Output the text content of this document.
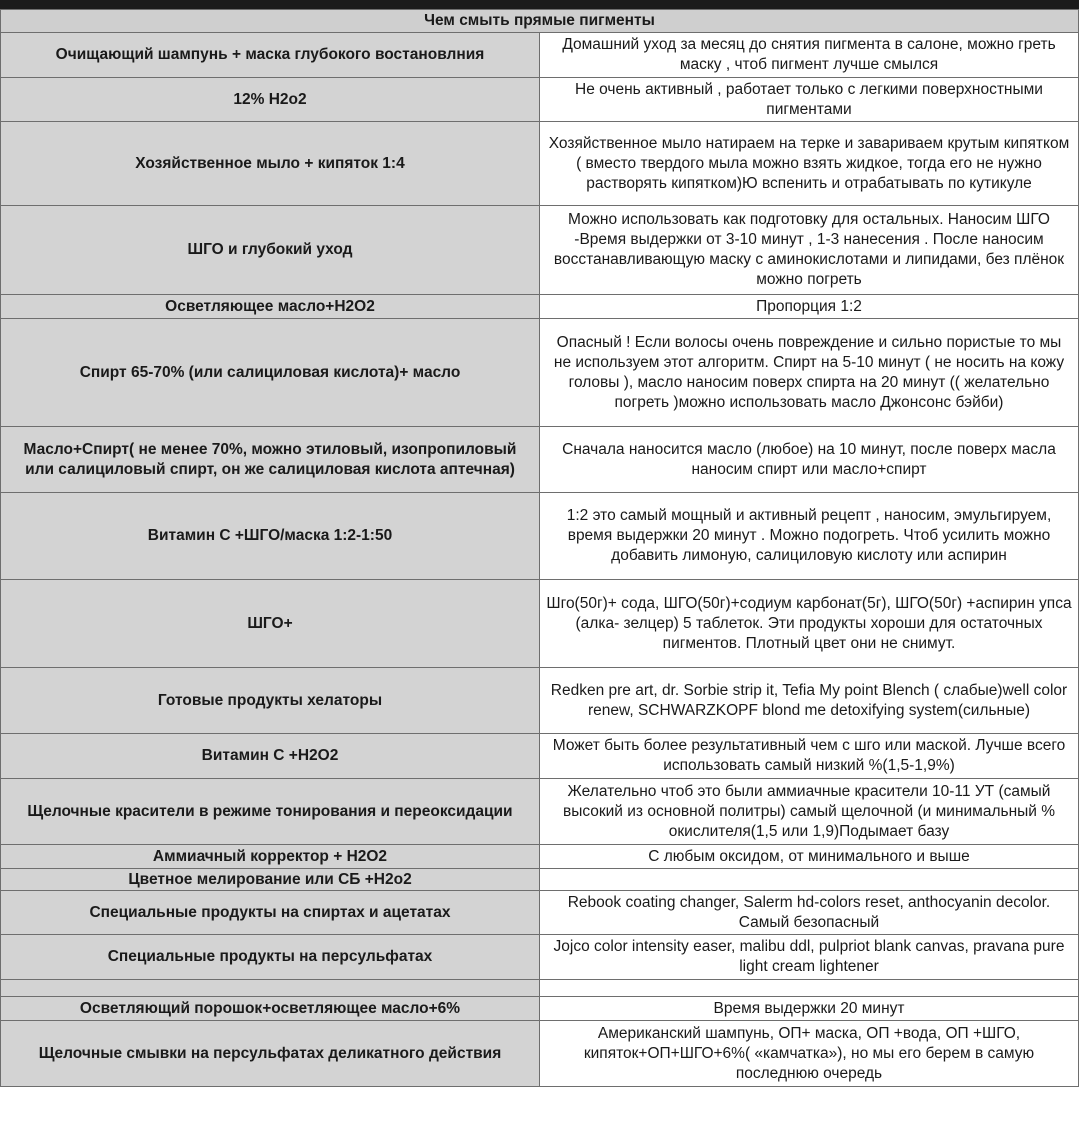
Чем смыть прямые пигменты	
Очищающий шампунь + маска глубокого востановлния	Домашний уход за месяц до снятия пигмента в салоне, можно греть маску , чтоб пигмент лучше смылся
12% H2o2	Не очень активный , работает только с легкими поверхностными пигментами
Хозяйственное мыло + кипяток 1:4	Хозяйственное мыло натираем на терке и завариваем крутым кипятком ( вместо твердого мыла можно взять жидкое, тогда его не нужно растворять кипятком)Ю вспенить и отрабатывать по кутикуле
ШГО и глубокий уход	Можно использовать как подготовку для остальных. Наносим ШГО -Время выдержки от 3-10 минут , 1-3 нанесения . После наносим восстанавливающую маску с аминокислотами и липидами, без плёнок можно погреть
Осветляющее масло+H2O2	Пропорция 1:2
Спирт 65-70% (или салициловая кислота)+ масло	Опасный ! Если волосы очень повреждение и сильно пористые то мы не используем этот алгоритм. Спирт на 5-10 минут ( не носить на кожу головы ), масло наносим поверх спирта на 20 минут (( желательно погреть )можно использовать масло Джонсонс бэйби)
Масло+Спирт( не менее 70%, можно этиловый, изопропиловый или салициловый спирт, он же салициловая кислота аптечная)	Сначала наносится масло (любое) на 10 минут, после поверх масла наносим спирт или масло+спирт
Витамин С +ШГО/маска 1:2-1:50	1:2 это самый мощный и активный рецепт , наносим, эмульгируем, время выдержки 20 минут . Можно подогреть. Чтоб усилить можно добавить лимоную, салициловую кислоту или аспирин
ШГО+	Шго(50г)+ сода, ШГО(50г)+содиум карбонат(5г), ШГО(50г) +аспирин упса (алка- зелцер) 5 таблеток. Эти продукты хороши для остаточных пигментов. Плотный цвет они не снимут.
Готовые продукты хелаторы	Redken pre art, dr. Sorbie strip it, Tefia My point Blench ( слабые)well color renew, SCHWARZKOPF blond me detoxifying system(сильные)
Витамин С +H2O2	Может быть более результативный чем с шго или маской. Лучше всего использовать самый низкий %(1,5-1,9%)
Щелочные красители в режиме тонирования и переоксидации	Желательно чтоб это были аммиачные красители 10-11 УТ (самый высокий из основной политры) самый щелочной (и минимальный % окислителя(1,5 или 1,9)Подымает базу
Аммиачный корректор + H2O2	С любым оксидом, от минимального и выше
Цветное мелирование или СБ +H2o2	
Специальные продукты на спиртах и ацетатах	Rebook coating changer, Salerm hd-colors reset, anthocyanin decolor. Самый безопасный
Специальные продукты на персульфатах	Jojco color intensity easer, malibu ddl, pulpriot blank canvas, pravana pure light cream lightener

Осветляющий порошок+осветляющее масло+6%	Время выдержки 20 минут
Щелочные смывки на персульфатах деликатного действия	Американский шампунь, ОП+ маска, ОП +вода, ОП +ШГО, кипяток+ОП+ШГО+6%( «камчатка»), но мы его берем в самую последнюю очередь
